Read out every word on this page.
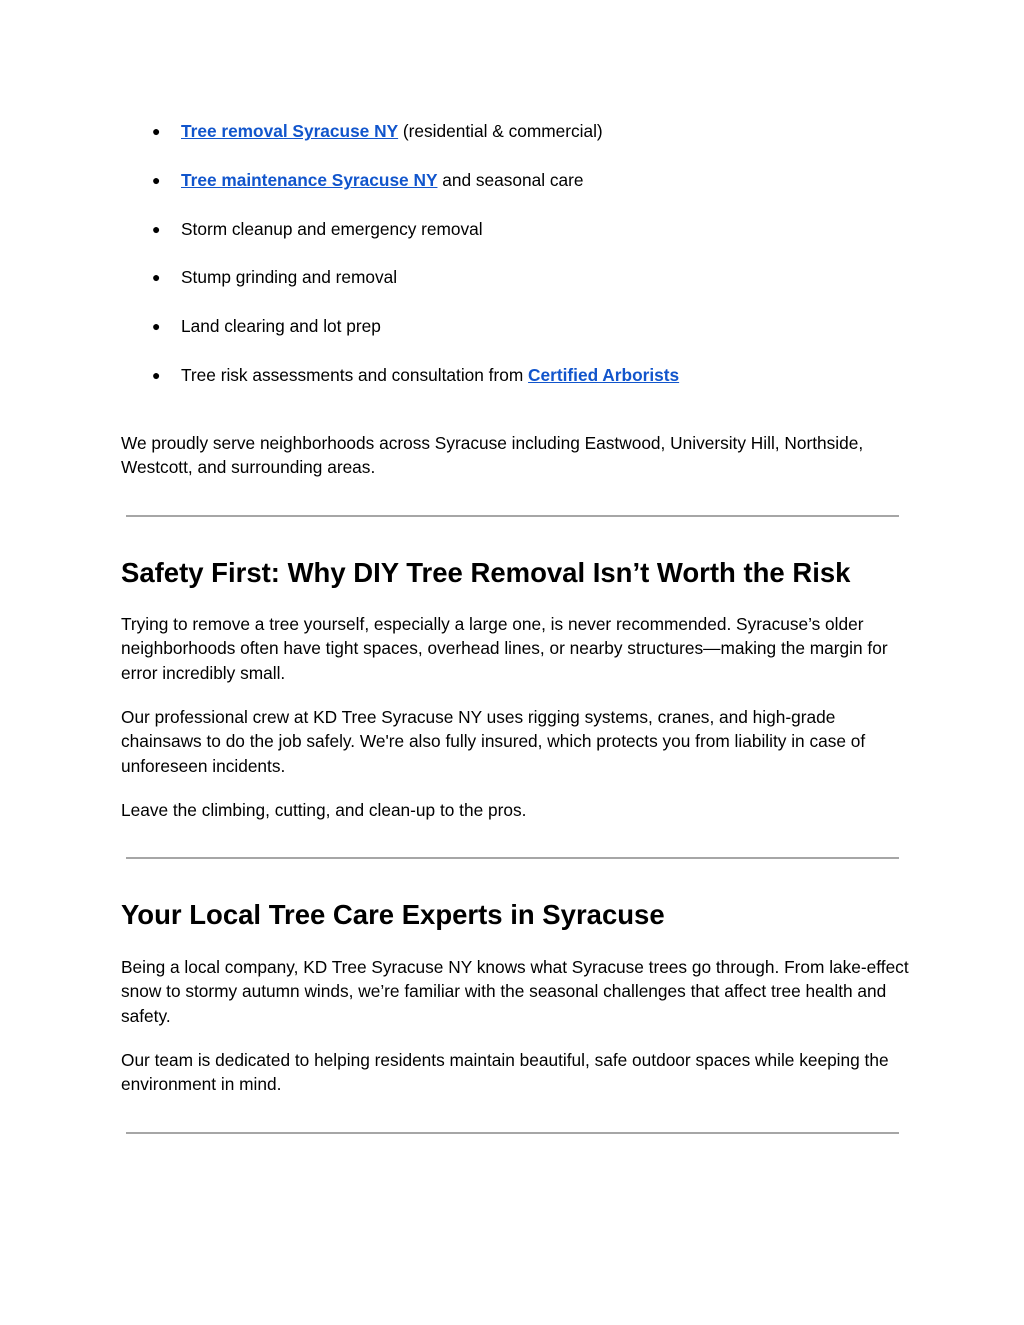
● Tree removal Syracuse NY (residential & commercial)
● Tree maintenance Syracuse NY and seasonal care
● Storm cleanup and emergency removal
● Stump grinding and removal
● Land clearing and lot prep
● Tree risk assessments and consultation from Certified Arborists

We proudly serve neighborhoods across Syracuse including Eastwood, University Hill, Northside, Westcott, and surrounding areas.

Safety First: Why DIY Tree Removal Isn’t Worth the Risk

Trying to remove a tree yourself, especially a large one, is never recommended. Syracuse’s older neighborhoods often have tight spaces, overhead lines, or nearby structures—making the margin for error incredibly small.

Our professional crew at KD Tree Syracuse NY uses rigging systems, cranes, and high-grade chainsaws to do the job safely. We're also fully insured, which protects you from liability in case of unforeseen incidents.

Leave the climbing, cutting, and clean-up to the pros.

Your Local Tree Care Experts in Syracuse

Being a local company, KD Tree Syracuse NY knows what Syracuse trees go through. From lake-effect snow to stormy autumn winds, we’re familiar with the seasonal challenges that affect tree health and safety.

Our team is dedicated to helping residents maintain beautiful, safe outdoor spaces while keeping the environment in mind.
